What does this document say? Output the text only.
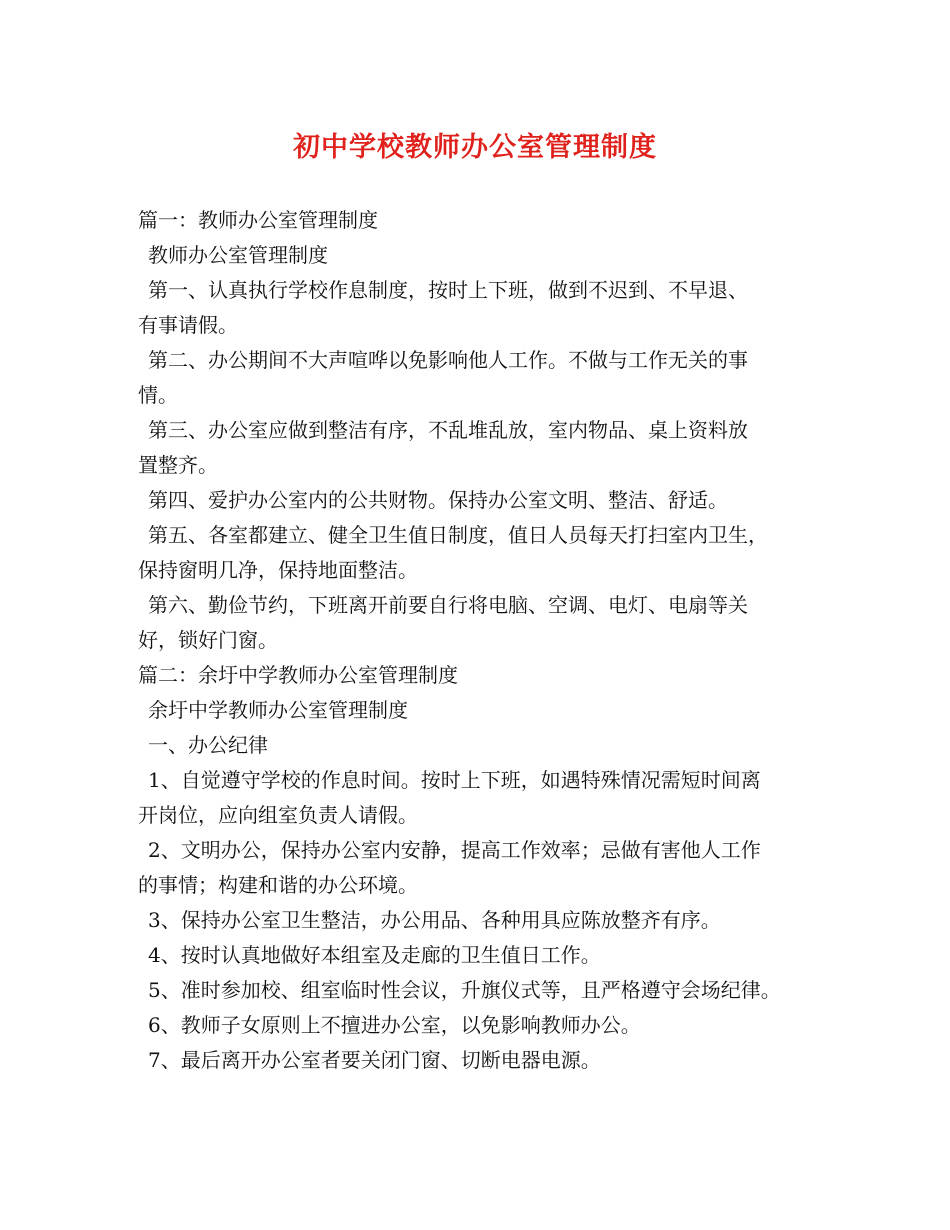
初中学校教师办公室管理制度
篇一：教师办公室管理制度
教师办公室管理制度
第一、认真执行学校作息制度，按时上下班，做到不迟到、不早退、
有事请假。
第二、办公期间不大声喧哗以免影响他人工作。不做与工作无关的事
情。
第三、办公室应做到整洁有序，不乱堆乱放，室内物品、桌上资料放
置整齐。
第四、爱护办公室内的公共财物。保持办公室文明、整洁、舒适。
第五、各室都建立、健全卫生值日制度，值日人员每天打扫室内卫生，
保持窗明几净，保持地面整洁。
第六、勤俭节约，下班离开前要自行将电脑、空调、电灯、电扇等关
好，锁好门窗。
篇二：余圩中学教师办公室管理制度
余圩中学教师办公室管理制度
一、办公纪律
1、自觉遵守学校的作息时间。按时上下班，如遇特殊情况需短时间离
开岗位，应向组室负责人请假。
2、文明办公，保持办公室内安静，提高工作效率；忌做有害他人工作
的事情；构建和谐的办公环境。
3、保持办公室卫生整洁，办公用品、各种用具应陈放整齐有序。
4、按时认真地做好本组室及走廊的卫生值日工作。
5、准时参加校、组室临时性会议，升旗仪式等，且严格遵守会场纪律。
6、教师子女原则上不擅进办公室，以免影响教师办公。
7、最后离开办公室者要关闭门窗、切断电器电源。
